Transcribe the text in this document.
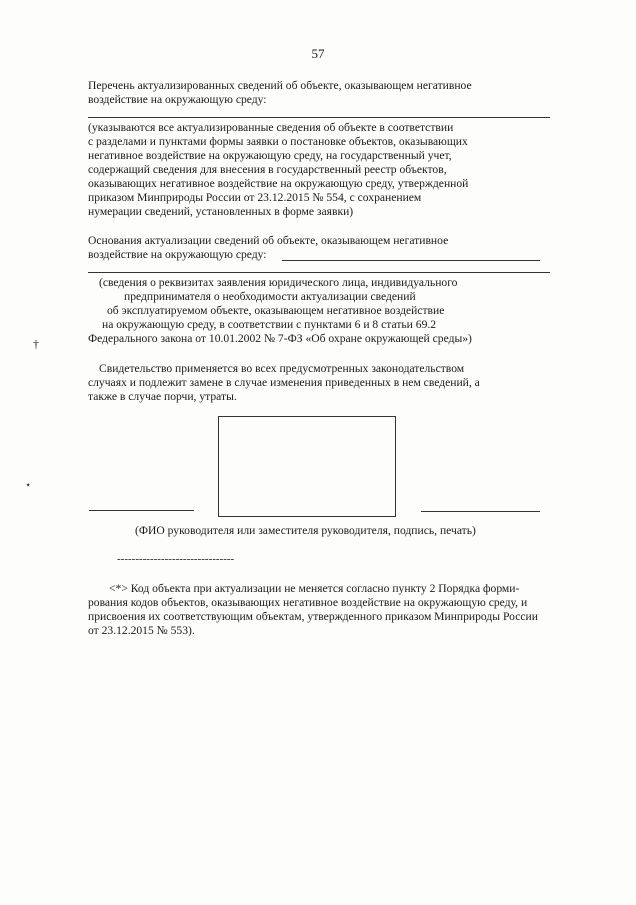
57
Перечень актуализированных сведений об объекте, оказывающем негативное
воздействие на окружающую среду:
(указываются все актуализированные сведения об объекте в соответствии
с разделами и пунктами формы заявки о постановке объектов, оказывающих
негативное воздействие на окружающую среду, на государственный учет,
содержащий сведения для внесения в государственный реестр объектов,
оказывающих негативное воздействие на окружающую среду, утвержденной
приказом Минприроды России от 23.12.2015 № 554, с сохранением
нумерации сведений, установленных в форме заявки)
Основания актуализации сведений об объекте, оказывающем негативное
воздействие на окружающую среду:
(сведения о реквизитах заявления юридического лица, индивидуального
предпринимателя о необходимости актуализации сведений
об эксплуатируемом объекте, оказывающем негативное воздействие
на окружающую среду, в соответствии с пунктами 6 и 8 статьи 69.2
Федерального закона от 10.01.2002 № 7-ФЗ «Об охране окружающей среды»)
Свидетельство применяется во всех предусмотренных законодательством
случаях и подлежит замене в случае изменения приведенных в нем сведений, а
также в случае порчи, утраты.
(ФИО руководителя или заместителя руководителя, подпись, печать)
--------------------------------
<*> Код объекта при актуализации не меняется согласно пункту 2 Порядка форми-
рования кодов объектов, оказывающих негативное воздействие на окружающую среду, и
присвоения их соответствующим объектам, утвержденного приказом Минприроды России
от 23.12.2015 № 553).
†
⋆
